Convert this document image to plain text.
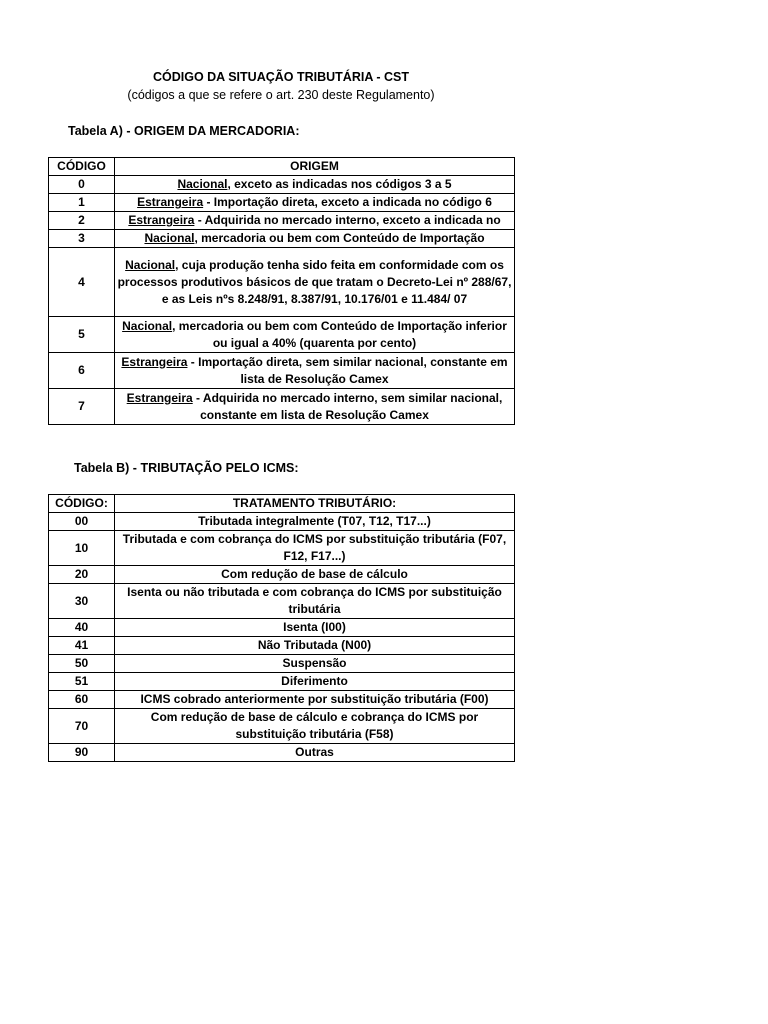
CÓDIGO DA SITUAÇÃO TRIBUTÁRIA - CST
(códigos a que se refere o art. 230 deste Regulamento)
Tabela A) - ORIGEM DA MERCADORIA:
CÓDIGO	ORIGEM
0	Nacional, exceto as indicadas nos códigos 3 a 5
1	Estrangeira - Importação direta, exceto a indicada no código 6
2	Estrangeira - Adquirida no mercado interno, exceto a indicada no
3	Nacional, mercadoria ou bem com Conteúdo de Importação
4	Nacional, cuja produção tenha sido feita em conformidade com os processos produtivos básicos de que tratam o Decreto-Lei nº 288/67, e as Leis nºs 8.248/91, 8.387/91, 10.176/01 e 11.484/ 07
5	Nacional, mercadoria ou bem com Conteúdo de Importação inferior ou igual a 40% (quarenta por cento)
6	Estrangeira - Importação direta, sem similar nacional, constante em lista de Resolução Camex
7	Estrangeira - Adquirida no mercado interno, sem similar nacional, constante em lista de Resolução Camex
Tabela B) - TRIBUTAÇÃO PELO ICMS:
CÓDIGO:	TRATAMENTO TRIBUTÁRIO:
00	Tributada integralmente (T07, T12, T17...)
10	Tributada e com cobrança do ICMS por substituição tributária (F07, F12, F17...)
20	Com redução de base de cálculo
30	Isenta ou não tributada e com cobrança do ICMS por substituição tributária
40	Isenta (I00)
41	Não Tributada (N00)
50	Suspensão
51	Diferimento
60	ICMS cobrado anteriormente por substituição tributária (F00)
70	Com redução de base de cálculo e cobrança do ICMS por substituição tributária (F58)
90	Outras
